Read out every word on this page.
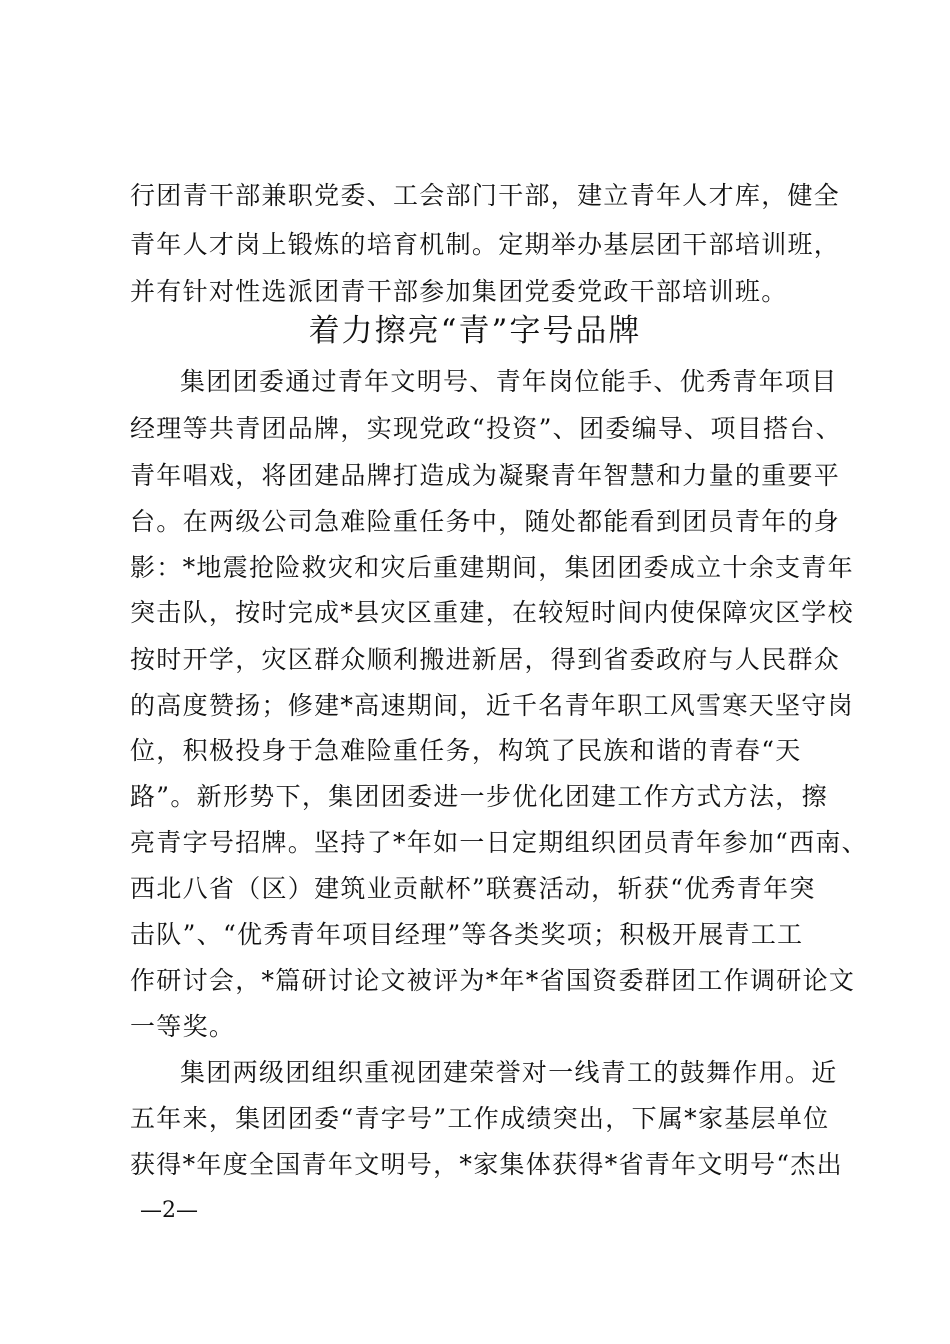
行团青干部兼职党委、工会部门干部，建立青年人才库，健全
青年人才岗上锻炼的培育机制。定期举办基层团干部培训班，
并有针对性选派团青干部参加集团党委党政干部培训班。
着力擦亮“青”字号品牌
集团团委通过青年文明号、青年岗位能手、优秀青年项目
经理等共青团品牌，实现党政“投资”、团委编导、项目搭台、
青年唱戏，将团建品牌打造成为凝聚青年智慧和力量的重要平
台。在两级公司急难险重任务中，随处都能看到团员青年的身
影：*地震抢险救灾和灾后重建期间，集团团委成立十余支青年
突击队，按时完成*县灾区重建，在较短时间内使保障灾区学校
按时开学，灾区群众顺利搬进新居，得到省委政府与人民群众
的高度赞扬；修建*高速期间，近千名青年职工风雪寒天坚守岗
位，积极投身于急难险重任务，构筑了民族和谐的青春“天
路”。新形势下，集团团委进一步优化团建工作方式方法，擦
亮青字号招牌。坚持了*年如一日定期组织团员青年参加“西南、
西北八省（区）建筑业贡献杯”联赛活动，斩获“优秀青年突
击队”、“优秀青年项目经理”等各类奖项；积极开展青工工
作研讨会，*篇研讨论文被评为*年*省国资委群团工作调研论文
一等奖。
集团两级团组织重视团建荣誉对一线青工的鼓舞作用。近
五年来，集团团委“青字号”工作成绩突出，下属*家基层单位
获得*年度全国青年文明号，*家集体获得*省青年文明号“杰出
—2—
